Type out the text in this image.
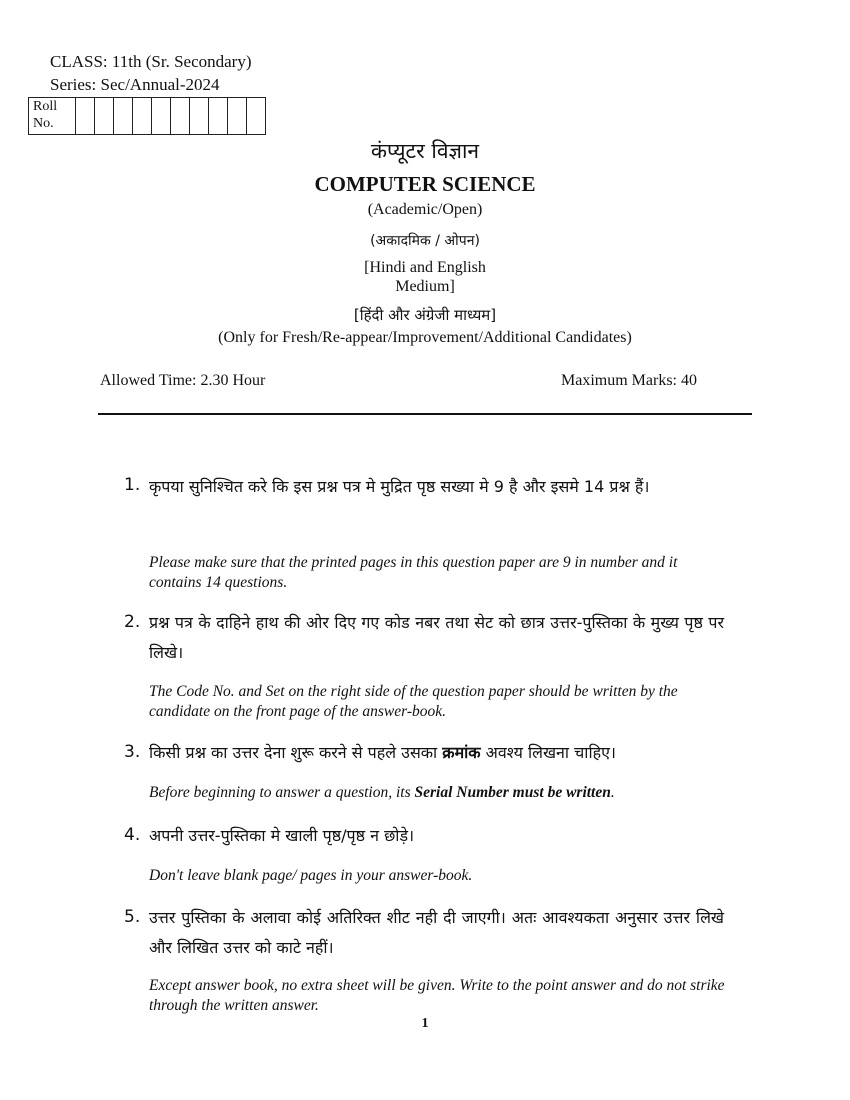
CLASS: 11th (Sr. Secondary)
Series: Sec/Annual-2024
Roll
No.

कंप्यूटर विज्ञान
COMPUTER SCIENCE
(Academic/Open)
(अकादमिक / ओपन)
[Hindi and English
Medium]
[हिंदी और अंग्रेजी माध्यम]
(Only for Fresh/Re-appear/Improvement/Additional Candidates)
Allowed Time: 2.30 Hour	Maximum Marks: 40
1. कृपया सुनिश्चित करे कि इस प्रश्न पत्र मे मुद्रित पृष्ठ सख्या मे 9 है और इसमे 14 प्रश्न हैं।
Please make sure that the printed pages in this question paper are 9 in number and it contains 14 questions.
2. प्रश्न पत्र के दाहिने हाथ की ओर दिए गए कोड नबर तथा सेट को छात्र उत्तर-पुस्तिका के मुख्य पृष्ठ पर लिखे।
The Code No. and Set on the right side of the question paper should be written by the candidate on the front page of the answer-book.
3. किसी प्रश्न का उत्तर देना शुरू करने से पहले उसका क्रमांक अवश्य लिखना चाहिए।
Before beginning to answer a question, its Serial Number must be written.
4. अपनी उत्तर-पुस्तिका मे खाली पृष्ठ/पृष्ठ न छोड़े।
Don't leave blank page/ pages in your answer-book.
5. उत्तर पुस्तिका के अलावा कोई अतिरिक्त शीट नही दी जाएगी। अतः आवश्यकता अनुसार उत्तर लिखे और लिखित उत्तर को काटे नहीं।
Except answer book, no extra sheet will be given. Write to the point answer and do not strike through the written answer.
1
